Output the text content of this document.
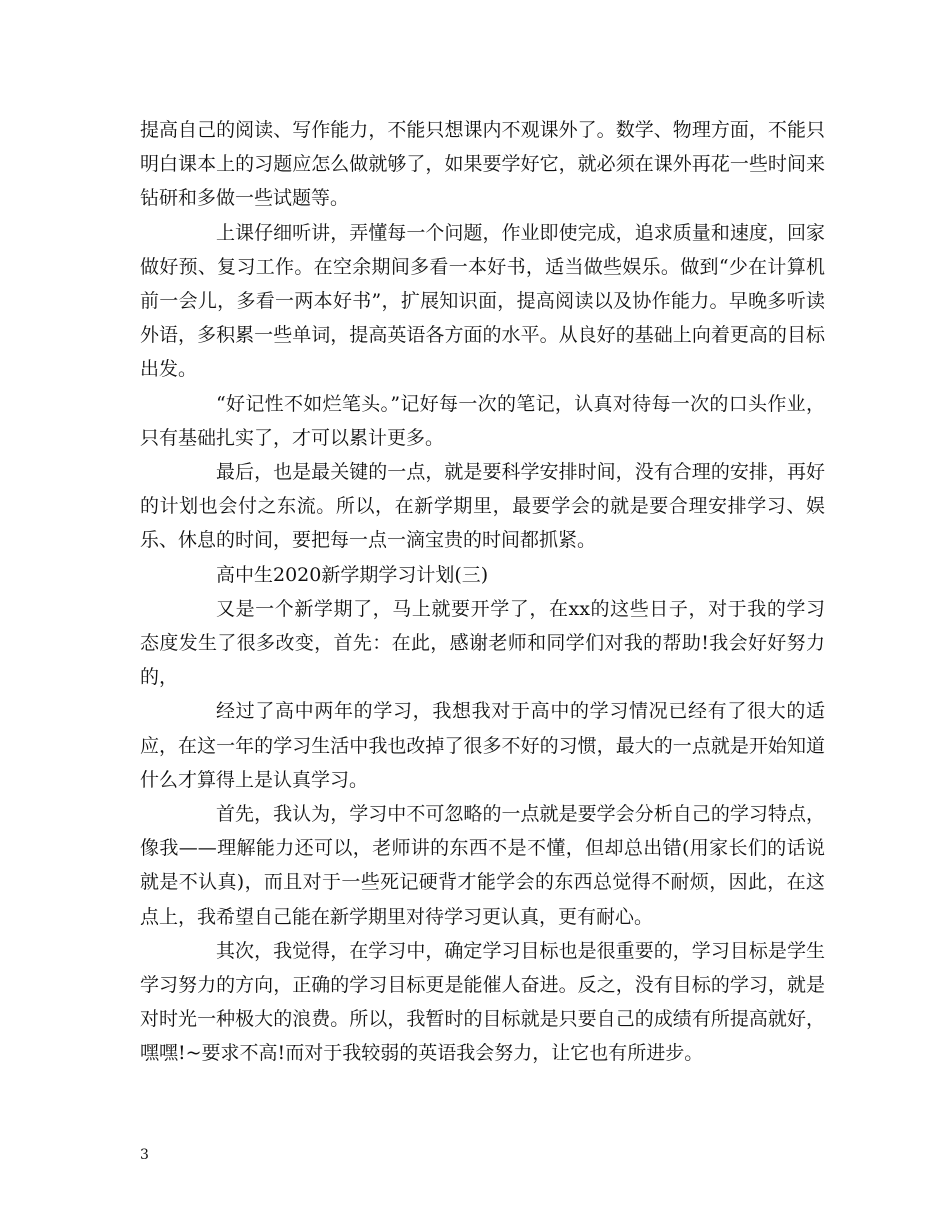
提高自己的阅读、写作能力，不能只想课内不观课外了。数学、物理方面，不能只明白课本上的习题应怎么做就够了，如果要学好它，就必须在课外再花一些时间来钻研和多做一些试题等。

上课仔细听讲，弄懂每一个问题，作业即使完成，追求质量和速度，回家做好预、复习工作。在空余期间多看一本好书，适当做些娱乐。做到“少在计算机前一会儿，多看一两本好书”，扩展知识面，提高阅读以及协作能力。早晚多听读外语，多积累一些单词，提高英语各方面的水平。从良好的基础上向着更高的目标出发。

“好记性不如烂笔头。”记好每一次的笔记，认真对待每一次的口头作业，只有基础扎实了，才可以累计更多。

最后，也是最关键的一点，就是要科学安排时间，没有合理的安排，再好的计划也会付之东流。所以，在新学期里，最要学会的就是要合理安排学习、娱乐、休息的时间，要把每一点一滴宝贵的时间都抓紧。

高中生2020新学期学习计划(三)

又是一个新学期了，马上就要开学了，在xx的这些日子，对于我的学习态度发生了很多改变，首先：在此，感谢老师和同学们对我的帮助!我会好好努力的，

经过了高中两年的学习，我想我对于高中的学习情况已经有了很大的适应，在这一年的学习生活中我也改掉了很多不好的习惯，最大的一点就是开始知道什么才算得上是认真学习。

首先，我认为，学习中不可忽略的一点就是要学会分析自己的学习特点，像我——理解能力还可以，老师讲的东西不是不懂，但却总出错(用家长们的话说就是不认真)，而且对于一些死记硬背才能学会的东西总觉得不耐烦，因此，在这点上，我希望自己能在新学期里对待学习更认真，更有耐心。

其次，我觉得，在学习中，确定学习目标也是很重要的，学习目标是学生学习努力的方向，正确的学习目标更是能催人奋进。反之，没有目标的学习，就是对时光一种极大的浪费。所以，我暂时的目标就是只要自己的成绩有所提高就好，嘿嘿!~要求不高!而对于我较弱的英语我会努力，让它也有所进步。

3
